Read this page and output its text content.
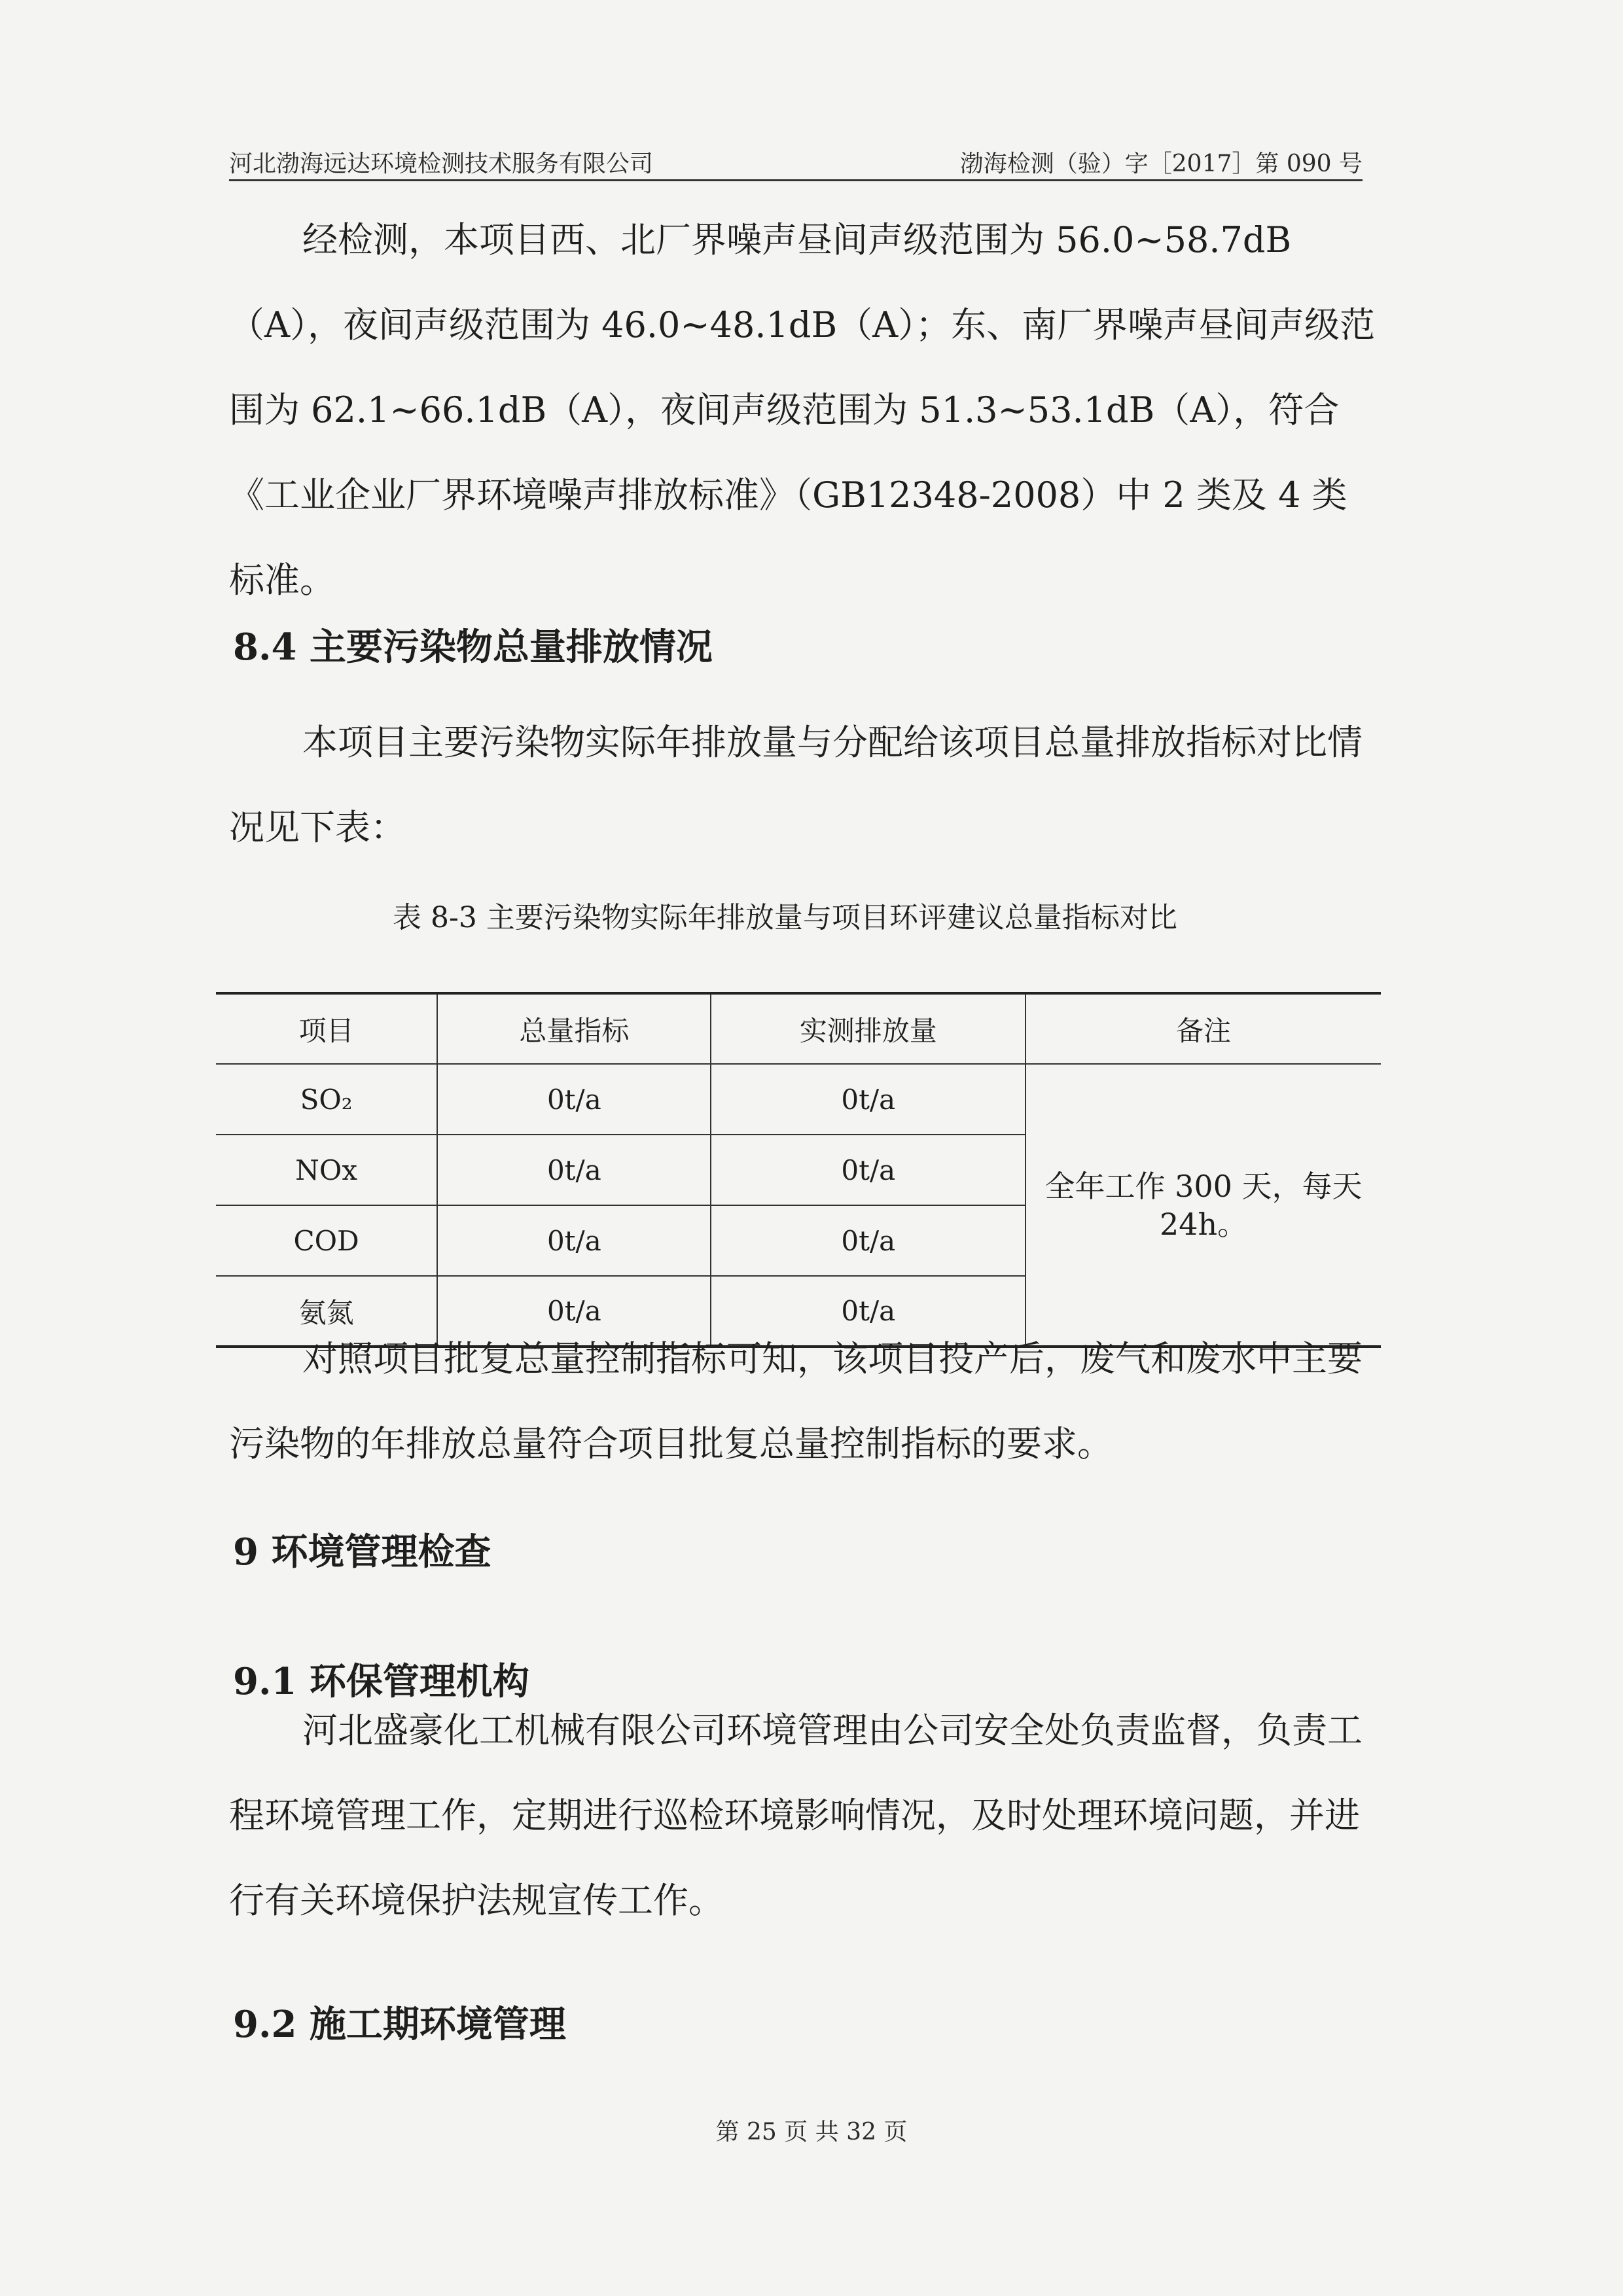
河北渤海远达环境检测技术服务有限公司	渤海检测（验）字［2017］第 090 号

经检测，本项目西、北厂界噪声昼间声级范围为 56.0~58.7dB（A），夜间声级范围为 46.0~48.1dB（A）；东、南厂界噪声昼间声级范围为 62.1~66.1dB（A），夜间声级范围为 51.3~53.1dB（A），符合《工业企业厂界环境噪声排放标准》（GB12348-2008）中 2 类及 4 类标准。

8.4 主要污染物总量排放情况

本项目主要污染物实际年排放量与分配给该项目总量排放指标对比情况见下表：

表 8-3 主要污染物实际年排放量与项目环评建议总量指标对比

项目	总量指标	实测排放量	备注
SO₂	0t/a	0t/a	全年工作 300 天，每天 24h。
NOx	0t/a	0t/a	
COD	0t/a	0t/a	
氨氮	0t/a	0t/a	

对照项目批复总量控制指标可知，该项目投产后，废气和废水中主要污染物的年排放总量符合项目批复总量控制指标的要求。

9 环境管理检查
9.1 环保管理机构

河北盛豪化工机械有限公司环境管理由公司安全处负责监督，负责工程环境管理工作，定期进行巡检环境影响情况，及时处理环境问题，并进行有关环境保护法规宣传工作。

9.2 施工期环境管理
第 25 页 共 32 页
